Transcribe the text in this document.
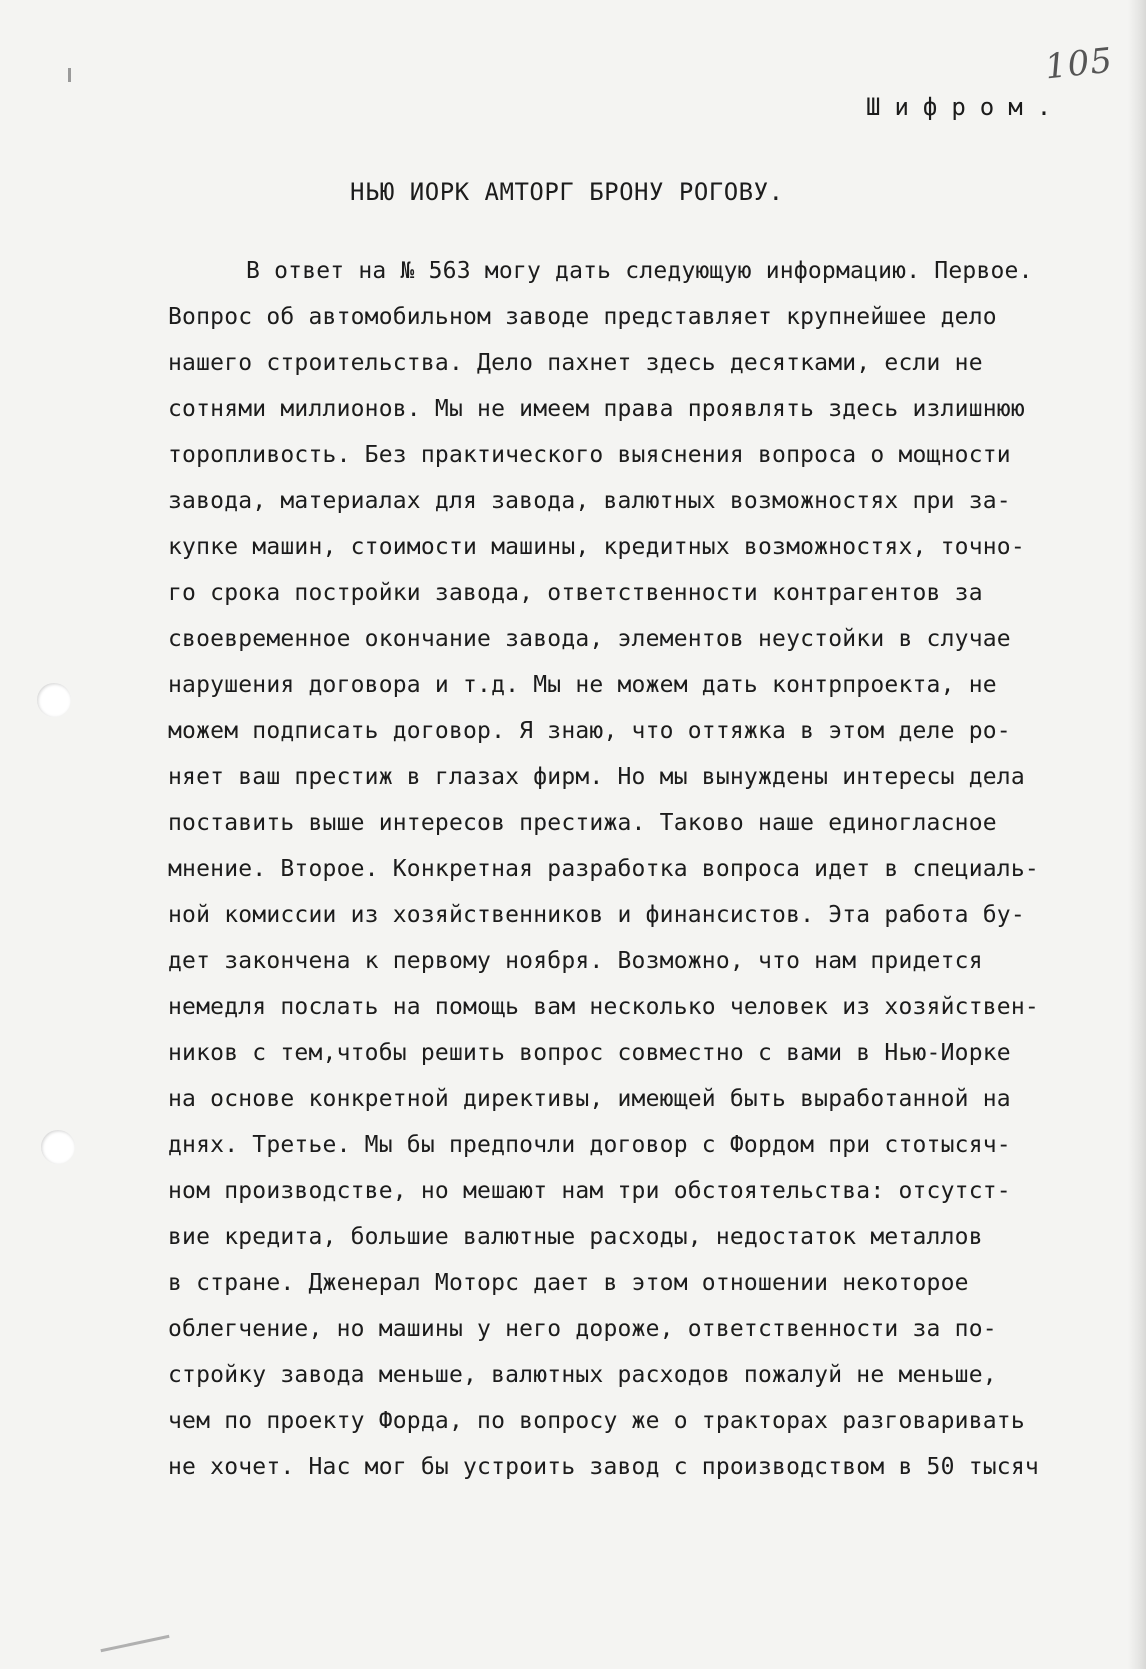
105
Шифром.
НЬЮ ИОРК АМТОРГ БРОНУ РОГОВУ.
В ответ на № 563 могу дать следующую информацию. Первое.
Вопрос об автомобильном заводе представляет крупнейшее дело
нашего строительства. Дело пахнет здесь десятками, если не
сотнями миллионов. Мы не имеем права проявлять здесь излишнюю
торопливость. Без практического выяснения вопроса о мощности
завода, материалах для завода, валютных возможностях при за-
купке машин, стоимости машины, кредитных возможностях, точно-
го срока постройки завода, ответственности контрагентов за
своевременное окончание завода, элементов неустойки в случае
нарушения договора и т.д. Мы не можем дать контрпроекта, не
можем подписать договор. Я знаю, что оттяжка в этом деле ро-
няет ваш престиж в глазах фирм. Но мы вынуждены интересы дела
поставить выше интересов престижа. Таково наше единогласное
мнение. Второе. Конкретная разработка вопроса идет в специаль-
ной комиссии из хозяйственников и финансистов. Эта работа бу-
дет закончена к первому ноября. Возможно, что нам придется
немедля послать на помощь вам несколько человек из хозяйствен-
ников с тем,чтобы решить вопрос совместно с вами в Нью-Иорке
на основе конкретной директивы, имеющей быть выработанной на
днях. Третье. Мы бы предпочли договор с Фордом при стотысяч-
ном производстве, но мешают нам три обстоятельства: отсутст-
вие кредита, большие валютные расходы, недостаток металлов
в стране. Дженерал Моторс дает в этом отношении некоторое
облегчение, но машины у него дороже, ответственности за по-
стройку завода меньше, валютных расходов пожалуй не меньше,
чем по проекту Форда, по вопросу же о тракторах разговаривать
не хочет. Нас мог бы устроить завод с производством в 50 тысяч
